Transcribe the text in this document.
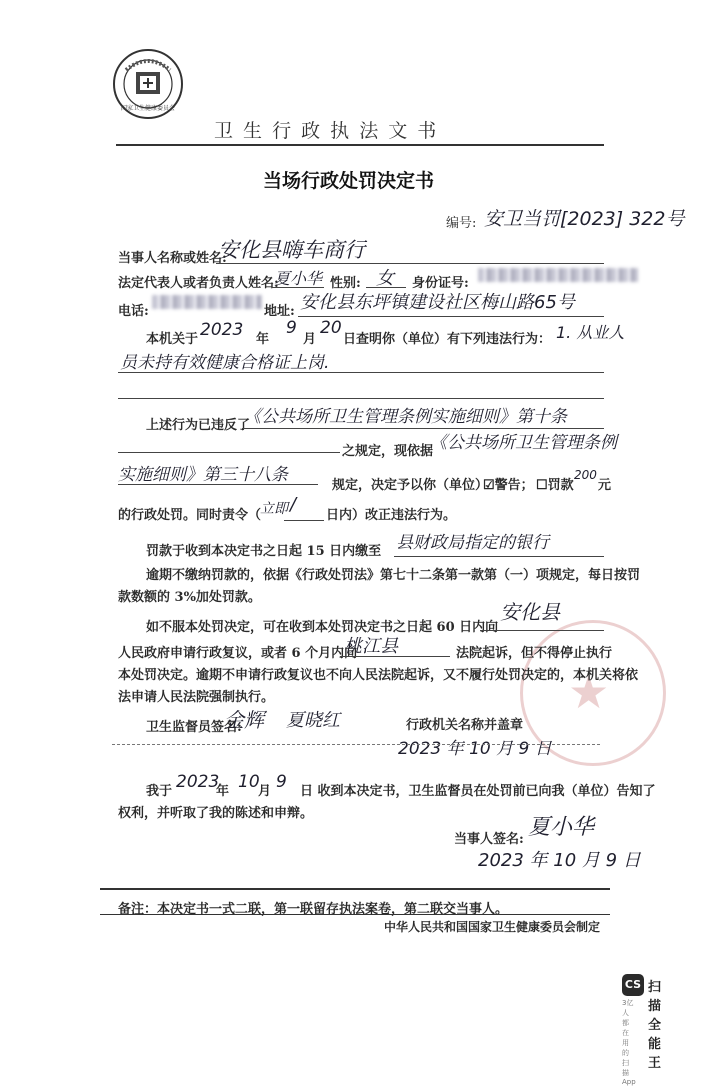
国家卫生健康委员会
卫 生 行 政 执 法 文 书
当场行政处罚决定书
编号: 安卫当罚[2023] 322号
当事人名称或姓名:
安化县嗨车商行
法定代表人或者负责人姓名:
夏小华 性别: 女 身份证号:
电话:	地址: 安化县东坪镇建设社区梅山路65号
本机关于 2023 年
9
月
20
日查明你（单位）有下列违法行为： 1. 从业人
员未持有效健康合格证上岗.
上述行为已违反了
《公共场所卫生管理条例实施细则》第十条
之规定，现依据
《公共场所卫生管理条例
实施细则》第三十八条
规定，决定予以你（单位）
☑警告； ☐罚款
200
元
的行政处罚。同时责令（
立即 /
日内）改正违法行为。
罚款于收到本决定书之日起 15 日内缴至 县财政局指定的银行
逾期不缴纳罚款的，依据《行政处罚法》第七十二条第一款第（一）项规定，每日按罚
款数额的 3%加处罚款。
★
如不服本处罚决定，可在收到本处罚决定书之日起 60 日内向
安化县
人民政府申请行政复议，或者 6 个月内向
桃江县	法院起诉，但不得停止执行
本处罚决定。逾期不申请行政复议也不向人民法院起诉，又不履行处罚决定的，本机关将依
法申请人民法院强制执行。
卫生监督员签名:
金辉 夏晓红	行政机关名称并盖章
2023 年 10 月 9 日
我于 2023
年 10
月 9 日 收到本决定书，卫生监督员在处罚前已向我（单位）告知了
权利，并听取了我的陈述和申辩。
当事人签名: 夏小华
2023 年 10 月 9 日
备注：本决定书一式二联，第一联留存执法案卷，第二联交当事人。
中华人民共和国国家卫生健康委员会制定
CS 扫描全能王
3亿人都在用的扫描App
